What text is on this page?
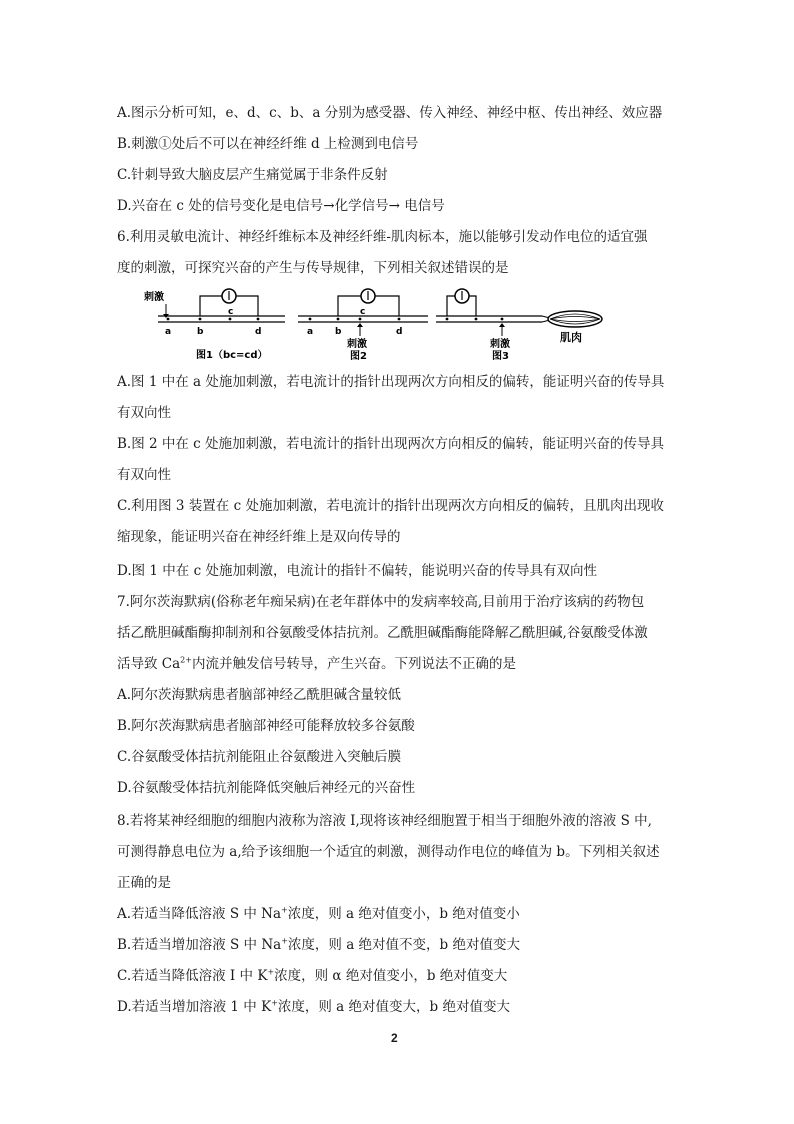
A.图示分析可知，e、d、c、b、a 分别为感受器、传入神经、神经中枢、传出神经、效应器
B.刺激①处后不可以在神经纤维 d 上检测到电信号
C.针刺导致大脑皮层产生痛觉属于非条件反射
D.兴奋在 c 处的信号变化是电信号→化学信号→ 电信号
6.利用灵敏电流计、神经纤维标本及神经纤维-肌肉标本，施以能够引发动作电位的适宜强
度的刺激，可探究兴奋的产生与传导规律，下列相关叙述错误的是
刺激
a	b
c
d
图1（bc=cd）
a b
c
d
刺激
图2
肌肉
刺激
图3
A.图 1 中在 a 处施加刺激，若电流计的指针出现两次方向相反的偏转，能证明兴奋的传导具
有双向性
B.图 2 中在 c 处施加刺激，若电流计的指针出现两次方向相反的偏转，能证明兴奋的传导具
有双向性
C.利用图 3 装置在 c 处施加刺激，若电流计的指针出现两次方向相反的偏转，且肌肉出现收
缩现象，能证明兴奋在神经纤维上是双向传导的
D.图 1 中在 c 处施加刺激，电流计的指针不偏转，能说明兴奋的传导具有双向性
7.阿尔茨海默病(俗称老年痴呆病)在老年群体中的发病率较高,目前用于治疗该病的药物包
括乙酰胆碱酯酶抑制剂和谷氨酸受体拮抗剂。乙酰胆碱酯酶能降解乙酰胆碱,谷氨酸受体激
活导致 $Ca^{2+}$内流并触发信号转导，产生兴奋。下列说法不正确的是
A.阿尔茨海默病患者脑部神经乙酰胆碱含量较低
B.阿尔茨海默病患者脑部神经可能释放较多谷氨酸
C.谷氨酸受体拮抗剂能阻止谷氨酸进入突触后膜
D.谷氨酸受体拮抗剂能降低突触后神经元的兴奋性
8.若将某神经细胞的细胞内液称为溶液 I,现将该神经细胞置于相当于细胞外液的溶液 S 中,
可测得静息电位为 a,给予该细胞一个适宜的刺激，测得动作电位的峰值为 b。下列相关叙述
正确的是
A.若适当降低溶液 S 中 Na+浓度，则 a 绝对值变小，b 绝对值变小
B.若适当增加溶液 S 中 Na+浓度，则 a 绝对值不变，b 绝对值变大
C.若适当降低溶液 I 中 K+浓度，则 α 绝对值变小，b 绝对值变大
D.若适当增加溶液 1 中 K+浓度，则 a 绝对值变大，b 绝对值变大
2
